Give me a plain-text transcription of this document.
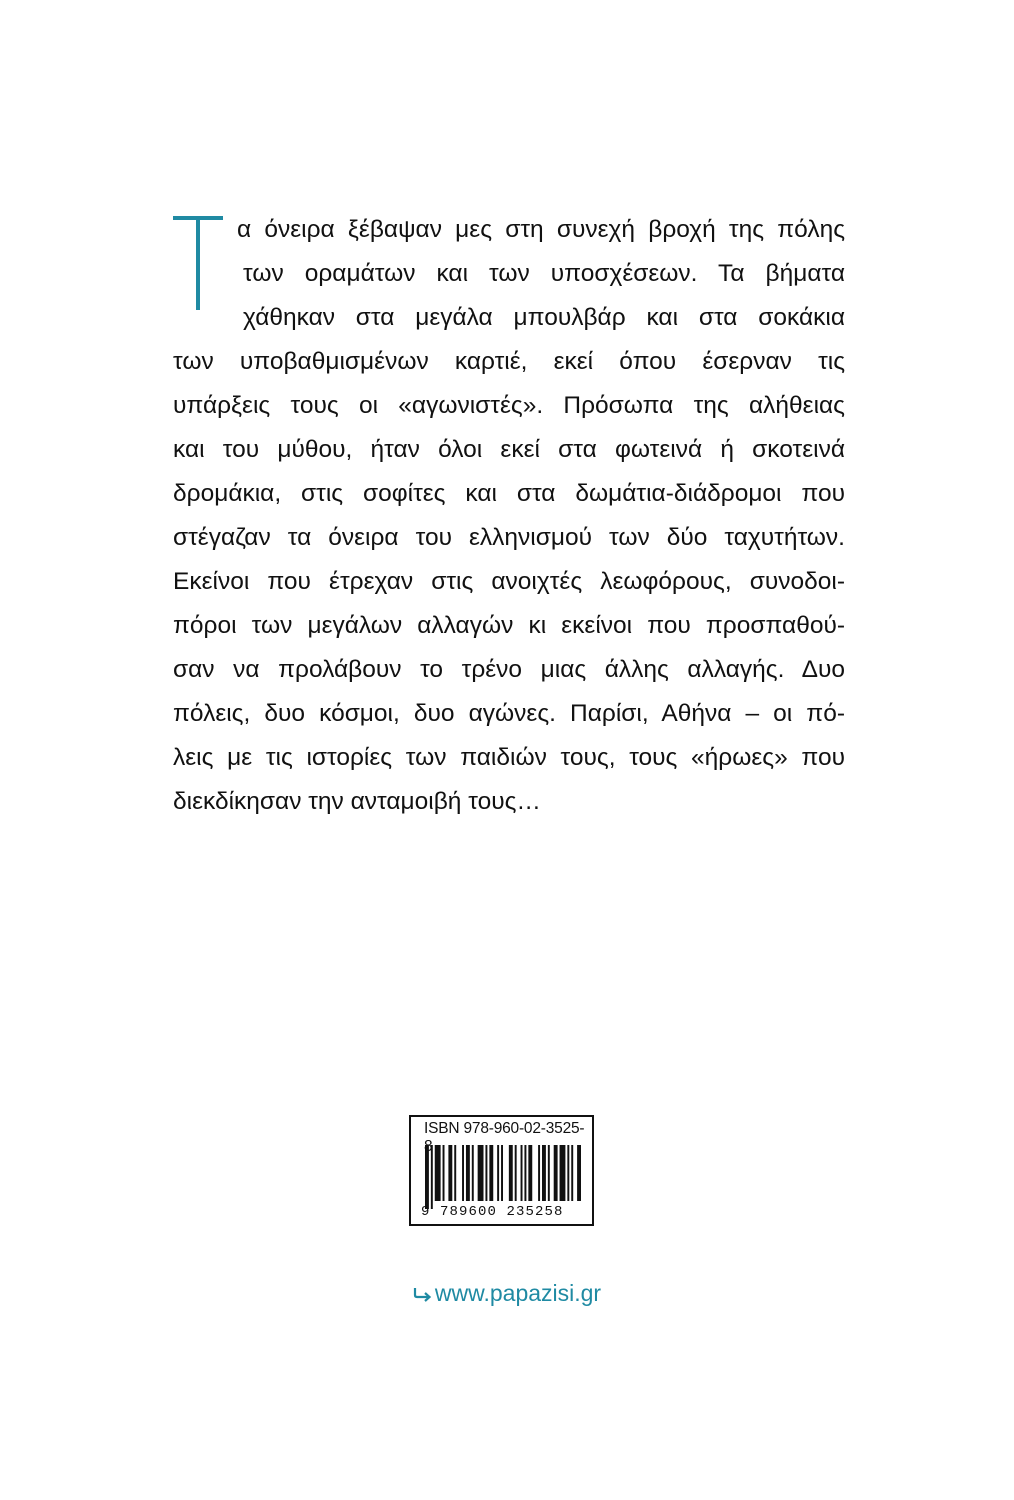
α όνειρα ξέβαψαν μες στη συνεχή βροχή της πόλης
των οραμάτων και των υποσχέσεων. Τα βήματα
χάθηκαν στα μεγάλα μπουλβάρ και στα σοκάκια
των υποβαθμισμένων καρτιέ, εκεί όπου έσερναν τις
υπάρξεις τους οι «αγωνιστές». Πρόσωπα της αλήθειας
και του μύθου, ήταν όλοι εκεί στα φωτεινά ή σκοτεινά
δρομάκια, στις σοφίτες και στα δωμάτια-διάδρομοι που
στέγαζαν τα όνειρα του ελληνισμού των δύο ταχυτήτων.
Εκείνοι που έτρεχαν στις ανοιχτές λεωφόρους, συνοδοι-
πόροι των μεγάλων αλλαγών κι εκείνοι που προσπαθού-
σαν να προλάβουν το τρένο μιας άλλης αλλαγής. Δυο
πόλεις, δυο κόσμοι, δυο αγώνες. Παρίσι, Αθήνα – οι πό-
λεις με τις ιστορίες των παιδιών τους, τους «ήρωες» που
διεκδίκησαν την ανταμοιβή τους…
ISBN 978-960-02-3525-
9 789600 235258
www.papazisi.gr
